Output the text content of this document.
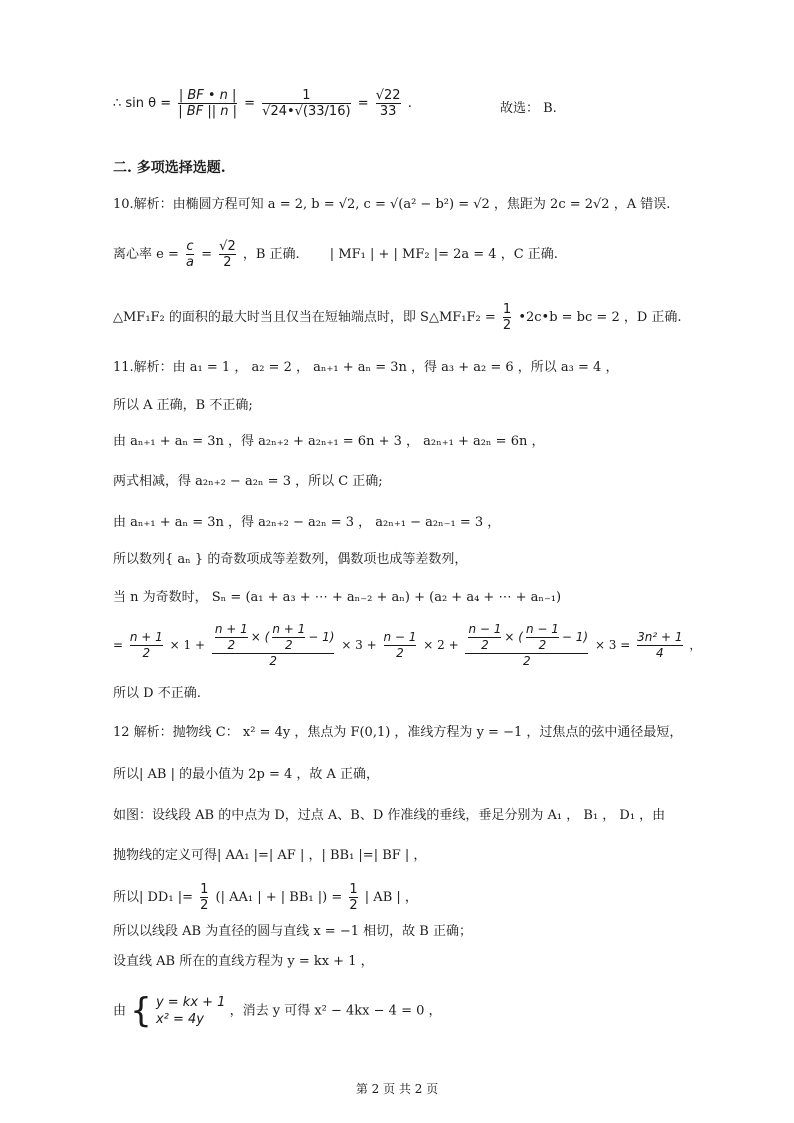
∴ $\sin \theta = \frac{| BF • n |}{| BF || n |} = \frac{1}{√24•√(33/16)} = \frac{√22}{33}$ .	故选： B.
二. 多项选择选题.
10.解析：由椭圆方程可知 a = 2, b = √2, c = √(a² − b²) = √2 ，焦距为 2c = 2√2 ，A 错误.
离心率 $e = \frac{c}{a} = \frac{√2}{2}$ ，B 正确.　　 | MF₁ | + | MF₂ |= 2a = 4 ，C 正确.
△MF₁F₂ 的面积的最大时当且仅当在短轴端点时，即 S△MF₁F₂ = $\frac{1}{2}$ •2c•b = bc = 2 ，D 正确.
11.解析：由 a₁ = 1 ， a₂ = 2 ， aₙ₊₁ + aₙ = 3n ，得 a₃ + a₂ = 6 ，所以 a₃ = 4 ，
所以 A 正确，B 不正确;
由 aₙ₊₁ + aₙ = 3n ，得 a₂ₙ₊₂ + a₂ₙ₊₁ = 6n + 3 ， a₂ₙ₊₁ + a₂ₙ = 6n ，
两式相减，得 a₂ₙ₊₂ − a₂ₙ = 3 ，所以 C 正确;
由 aₙ₊₁ + aₙ = 3n ，得 a₂ₙ₊₂ − a₂ₙ = 3 ， a₂ₙ₊₁ − a₂ₙ₋₁ = 3 ，
所以数列{ aₙ } 的奇数项成等差数列，偶数项也成等差数列，
当 n 为奇数时， Sₙ = (a₁ + a₃ + ⋯ + aₙ₋₂ + aₙ) + (a₂ + a₄ + ⋯ + aₙ₋₁)
= $\frac{n + 1}{2} \times 1 + \frac{\frac{n + 1}{2} \times ( \frac{n + 1}{2} - 1)}{2} \times 3 + \frac{n - 1}{2} \times 2 + \frac{\frac{n - 1}{2} \times ( \frac{n - 1}{2} - 1)}{2} \times 3 = \frac{\text{3n² + 1}}{4}$ ，
所以 D 不正确.
12 解析：抛物线 C： x² = 4y ，焦点为 F(0,1) ，准线方程为 y = −1 ，过焦点的弦中通径最短，
所以| AB | 的最小值为 2p = 4 ，故 A 正确，
如图：设线段 AB 的中点为 D，过点 A、B、D 作准线的垂线，垂足分别为 A₁ ， B₁ ， D₁ ，由
抛物线的定义可得| AA₁ |=| AF | ，| BB₁ |=| BF | ，
所以| DD₁ |= $\frac{1}{2}$ (| AA₁ | + | BB₁ |) = $\frac{1}{2}$ | AB | ，
所以以线段 AB 为直径的圆与直线 x = −1 相切，故 B 正确；
设直线 AB 所在的直线方程为 y = kx + 1 ，
由 { y = kx + 1
x² = 4y
，消去 y 可得 x² − 4kx − 4 = 0 ，
第 2 页 共 2 页
